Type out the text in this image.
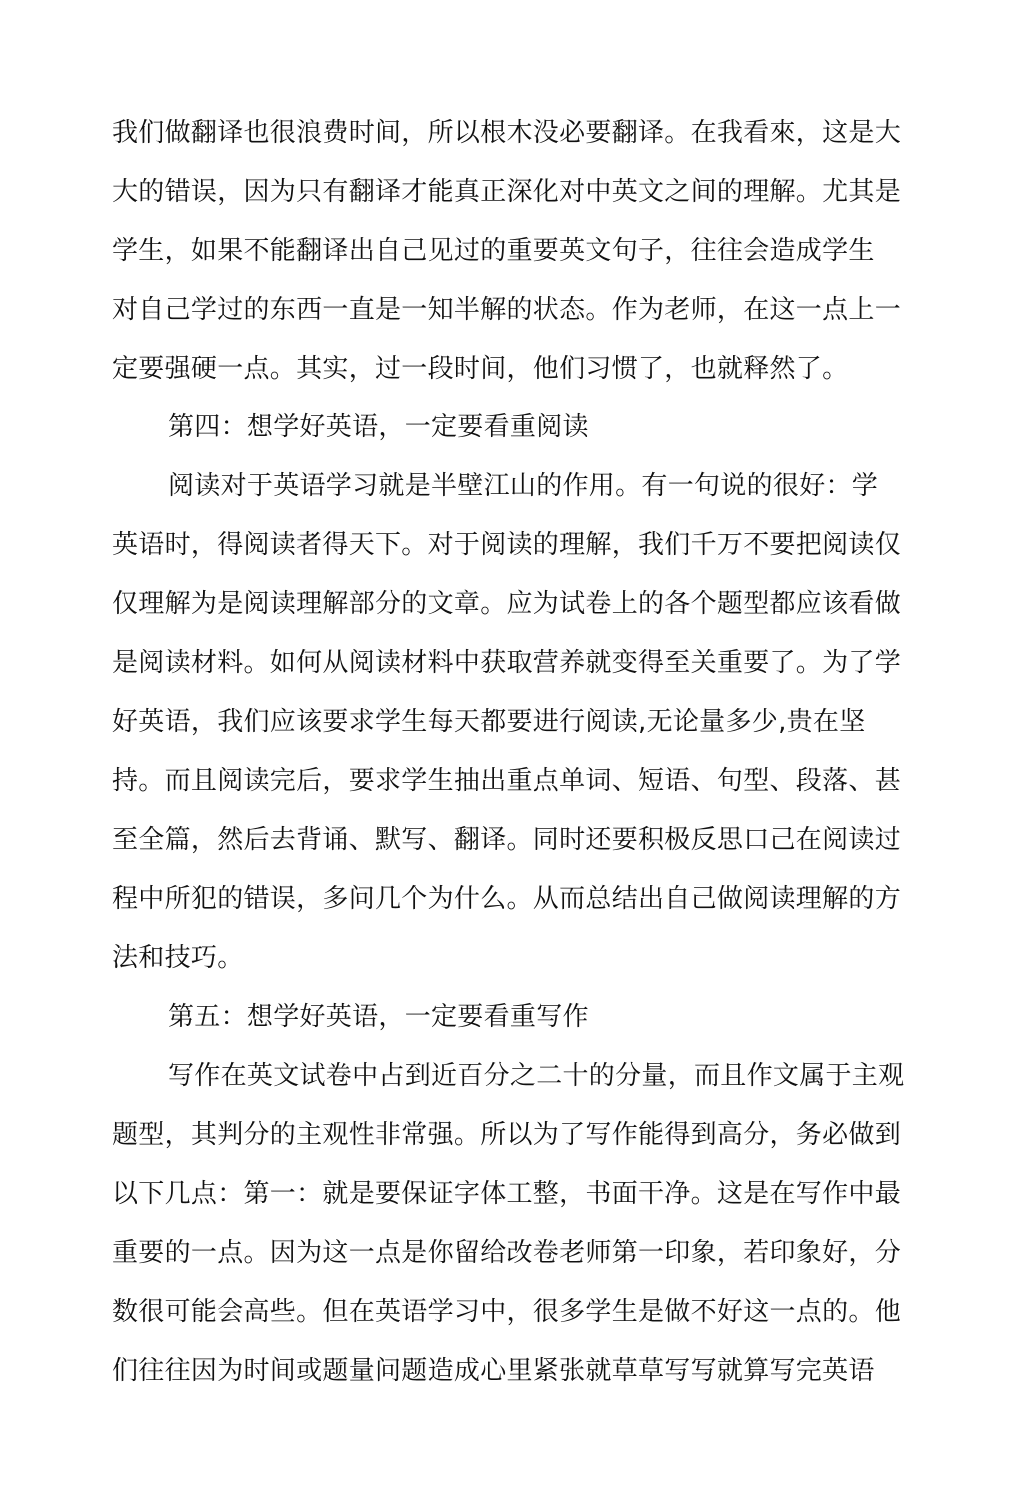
我们做翻译也很浪费时间，所以根木没必要翻译。在我看來，这是大
大的错误，因为只有翻译才能真正深化对中英文之间的理解。尤其是
学生，如果不能翻译出自己见过的重要英文句子，往往会造成学生
对自己学过的东西一直是一知半解的状态。作为老师，在这一点上一
定要强硬一点。其实，过一段时间，他们习惯了，也就释然了。
第四：想学好英语，一定要看重阅读
阅读对于英语学习就是半壁江山的作用。有一句说的很好：学
英语时，得阅读者得天下。对于阅读的理解，我们千万不要把阅读仅
仅理解为是阅读理解部分的文章。应为试卷上的各个题型都应该看做
是阅读材料。如何从阅读材料中获取营养就变得至关重要了。为了学
好英语，我们应该要求学生每天都要进行阅读,无论量多少,贵在坚
持。而且阅读完后，要求学生抽出重点单词、短语、句型、段落、甚
至全篇，然后去背诵、默写、翻译。同时还要积极反思口己在阅读过
程中所犯的错误，多问几个为什么。从而总结出自己做阅读理解的方
法和技巧。
第五：想学好英语，一定要看重写作
写作在英文试卷中占到近百分之二十的分量，而且作文属于主观
题型，其判分的主观性非常强。所以为了写作能得到高分，务必做到
以下几点：第一：就是要保证字体工整，书面干净。这是在写作中最
重要的一点。因为这一点是你留给改卷老师第一印象，若印象好，分
数很可能会高些。但在英语学习中，很多学生是做不好这一点的。他
们往往因为时间或题量问题造成心里紧张就草草写写就算写完英语
